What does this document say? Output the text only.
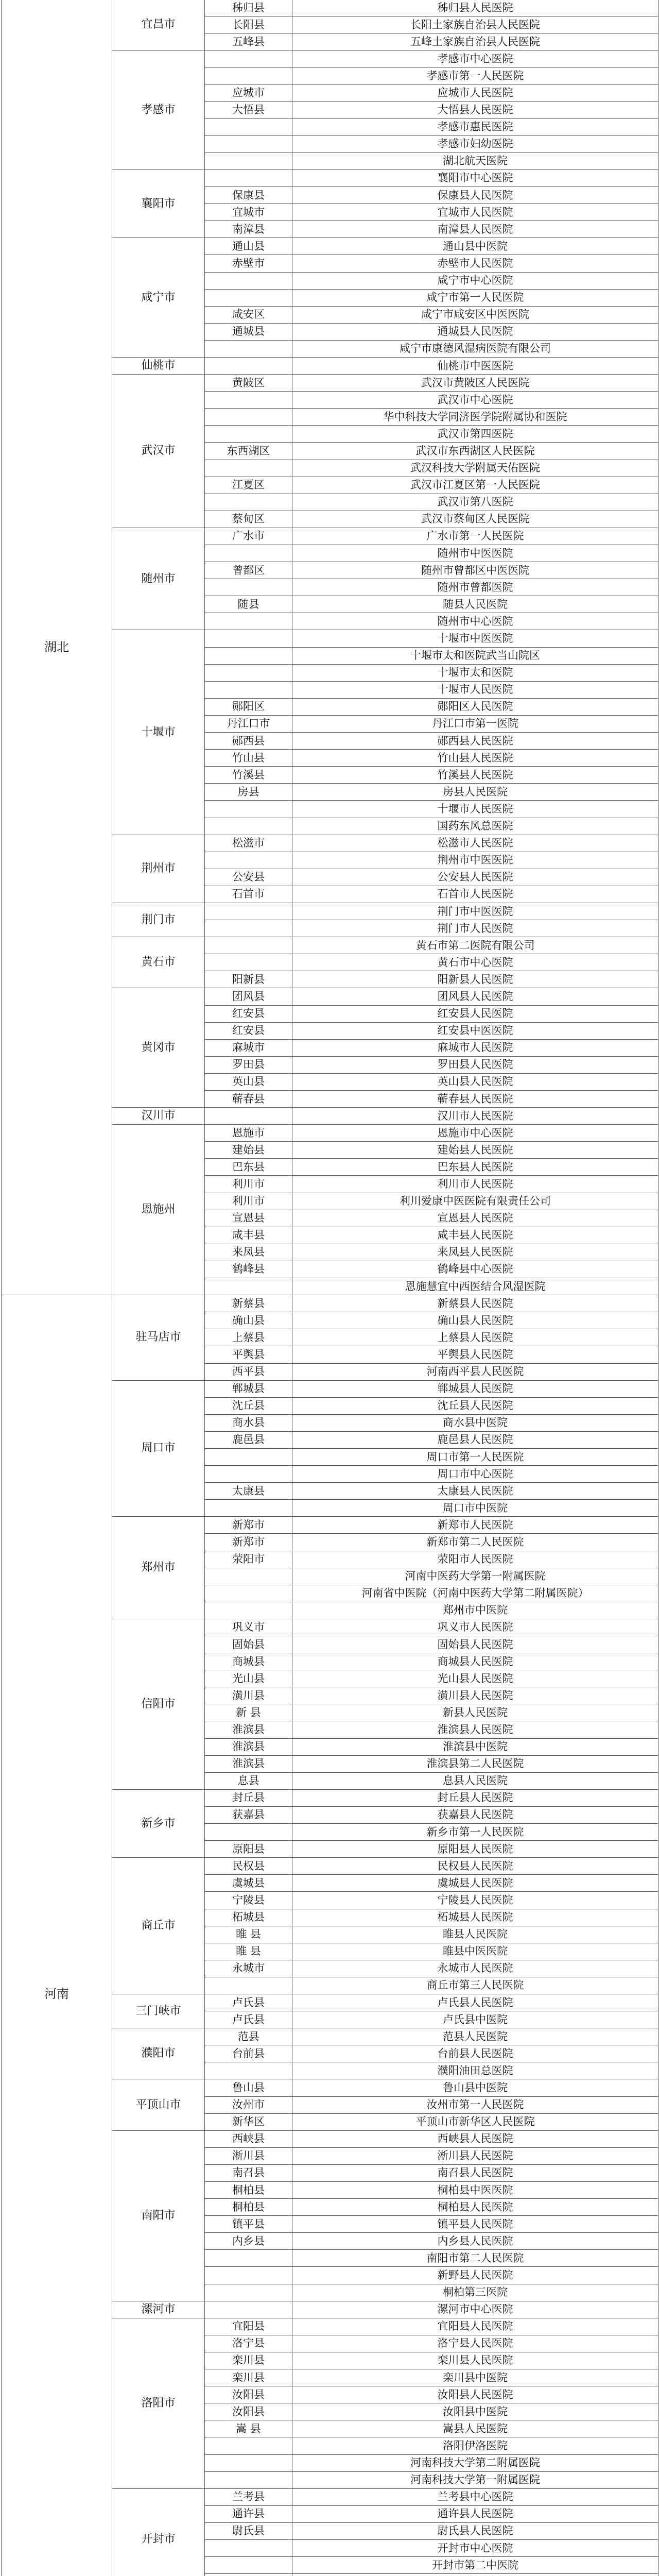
湖北	宜昌市	秭归县	秭归县人民医院
		长阳县	长阳土家族自治县人民医院
		五峰县	五峰土家族自治县人民医院
	孝感市		孝感市中心医院
			孝感市第一人民医院
		应城市	应城市人民医院
		大悟县	大悟县人民医院
			孝感市惠民医院
			孝感市妇幼医院
			湖北航天医院
	襄阳市		襄阳市中心医院
		保康县	保康县人民医院
		宜城市	宜城市人民医院
		南漳县	南漳县人民医院
	咸宁市	通山县	通山县中医院
		赤壁市	赤壁市人民医院
			咸宁市中心医院
			咸宁市第一人民医院
		咸安区	咸宁市咸安区中医医院
		通城县	通城县人民医院
			咸宁市康德风湿病医院有限公司
	仙桃市		仙桃市中医医院
	武汉市	黄陂区	武汉市黄陂区人民医院
			武汉市中心医院
			华中科技大学同济医学院附属协和医院
			武汉市第四医院
		东西湖区	武汉市东西湖区人民医院
			武汉科技大学附属天佑医院
		江夏区	武汉市江夏区第一人民医院
			武汉市第八医院
		蔡甸区	武汉市蔡甸区人民医院
	随州市	广水市	广水市第一人民医院
			随州市中医医院
		曾都区	随州市曾都区中医医院
			随州市曾都医院
		随县	随县人民医院
			随州市中心医院
	十堰市		十堰市中医医院
			十堰市太和医院武当山院区
			十堰市太和医院
			十堰市人民医院
		郧阳区	郧阳区人民医院
		丹江口市	丹江口市第一医院
		郧西县	郧西县人民医院
		竹山县	竹山县人民医院
		竹溪县	竹溪县人民医院
		房县	房县人民医院
			十堰市人民医院
			国药东风总医院
	荆州市	松滋市	松滋市人民医院
			荆州市中医医院
		公安县	公安县人民医院
		石首市	石首市人民医院
	荆门市		荆门市中医医院
			荆门市人民医院
	黄石市		黄石市第二医院有限公司
			黄石市中心医院
		阳新县	阳新县人民医院
	黄冈市	团风县	团风县人民医院
		红安县	红安县人民医院
		红安县	红安县中医医院
		麻城市	麻城市人民医院
		罗田县	罗田县人民医院
		英山县	英山县人民医院
		蕲春县	蕲春县人民医院
	汉川市		汉川市人民医院
	恩施州	恩施市	恩施市中心医院
		建始县	建始县人民医院
		巴东县	巴东县人民医院
		利川市	利川市人民医院
		利川市	利川爱康中医医院有限责任公司
		宣恩县	宣恩县人民医院
		咸丰县	咸丰县人民医院
		来凤县	来凤县人民医院
		鹤峰县	鹤峰县中心医院
			恩施慧宜中西医结合风湿医院
河南	驻马店市	新蔡县	新蔡县人民医院
		确山县	确山县人民医院
		上蔡县	上蔡县人民医院
		平舆县	平舆县人民医院
		西平县	河南西平县人民医院
	周口市	郸城县	郸城县人民医院
		沈丘县	沈丘县人民医院
		商水县	商水县中医院
		鹿邑县	鹿邑县人民医院
			周口市第一人民医院
			周口市中心医院
		太康县	太康县人民医院
			周口市中医院
	郑州市	新郑市	新郑市人民医院
		新郑市	新郑市第二人民医院
		荥阳市	荥阳市人民医院
			河南中医药大学第一附属医院
			河南省中医院（河南中医药大学第二附属医院）
			郑州市中医院
	信阳市	巩义市	巩义市人民医院
		固始县	固始县人民医院
		商城县	商城县人民医院
		光山县	光山县人民医院
		潢川县	潢川县人民医院
		新 县	新县人民医院
		淮滨县	淮滨县人民医院
		淮滨县	淮滨县中医院
		淮滨县	淮滨县第二人民医院
		息县	息县人民医院
	新乡市	封丘县	封丘县人民医院
		获嘉县	获嘉县人民医院
			新乡市第一人民医院
		原阳县	原阳县人民医院
	商丘市	民权县	民权县人民医院
		虞城县	虞城县人民医院
		宁陵县	宁陵县人民医院
		柘城县	柘城县人民医院
		睢 县	睢县人民医院
		睢 县	睢县中医医院
		永城市	永城市人民医院
			商丘市第三人民医院
	三门峡市	卢氏县	卢氏县人民医院
		卢氏县	卢氏县中医院
	濮阳市	范县	范县人民医院
		台前县	台前县人民医院
			濮阳油田总医院
	平顶山市	鲁山县	鲁山县中医院
		汝州市	汝州市第一人民医院
		新华区	平顶山市新华区人民医院
	南阳市	西峡县	西峡县人民医院
		淅川县	淅川县人民医院
		南召县	南召县人民医院
		桐柏县	桐柏县中医医院
		桐柏县	桐柏县人民医院
		镇平县	镇平县人民医院
		内乡县	内乡县人民医院
			南阳市第二人民医院
			新野县人民医院
			桐柏第三医院
	漯河市		漯河市中心医院
	洛阳市	宜阳县	宜阳县人民医院
		洛宁县	洛宁县人民医院
		栾川县	栾川县人民医院
		栾川县	栾川县中医院
		汝阳县	汝阳县人民医院
		汝阳县	汝阳县中医院
		嵩 县	嵩县人民医院
			洛阳伊洛医院
			河南科技大学第二附属医院
			河南科技大学第一附属医院
	开封市	兰考县	兰考县中心医院
		通许县	通许县人民医院
		尉氏县	尉氏县人民医院
			开封市中心医院
			开封市第二中医院
